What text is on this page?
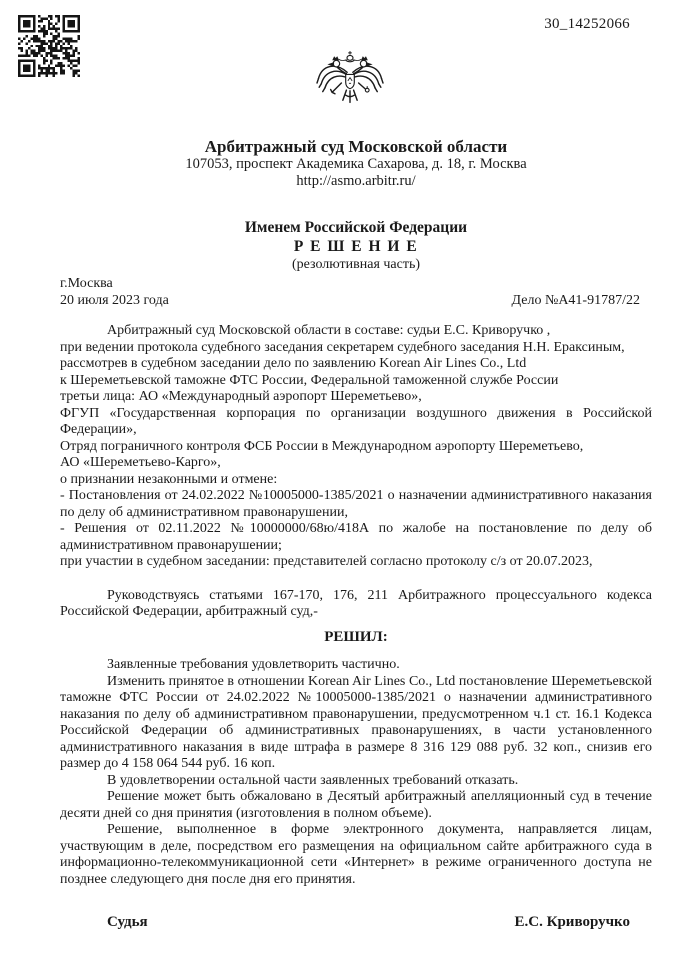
30_14252066
Арбитражный суд Московской области
107053, проспект Академика Сахарова, д. 18, г. Москва
http://asmo.arbitr.ru/
Именем Российской Федерации
Р Е Ш Е Н И Е
(резолютивная часть)
г.Москва
20 июля 2023 года	Дело №А41-91787/22

Арбитражный суд Московской области в составе: судьи Е.С. Криворучко ,

при ведении протокола судебного заседания секретарем судебного заседания Н.Н. Ераксиным,

рассмотрев в судебном заседании дело по заявлению Korean Air Lines Co., Ltd

к Шереметьевской таможне ФТС России, Федеральной таможенной службе России

третьи лица: АО «Международный аэропорт Шереметьево»,

ФГУП «Государственная корпорация по организации воздушного движения в Российской Федерации»,

Отряд пограничного контроля ФСБ России в Международном аэропорту Шереметьево,

АО «Шереметьево-Карго»,

о признании незаконными и отмене:

- Постановления от 24.02.2022 №10005000-1385/2021 о назначении административного наказания по делу об административном правонарушении,

- Решения от 02.11.2022 №10000000/68ю/418А по жалобе на постановление по делу об административном правонарушении;

при участии в судебном заседании: представителей согласно протоколу с/з от 20.07.2023,

Руководствуясь статьями 167-170, 176, 211 Арбитражного процессуального кодекса Российской Федерации, арбитражный суд,-

РЕШИЛ:

Заявленные требования удовлетворить частично.

Изменить принятое в отношении Korean Air Lines Co., Ltd постановление Шереметьевской таможне ФТС России от 24.02.2022 №10005000-1385/2021 о назначении административного наказания по делу об административном правонарушении, предусмотренном ч.1 ст. 16.1 Кодекса Российской Федерации об административных правонарушениях, в части установленного административного наказания в виде штрафа в размере 8 316 129 088 руб. 32 коп., снизив его размер до 4 158 064 544 руб. 16 коп.

В удовлетворении остальной части заявленных требований отказать.

Решение может быть обжаловано в Десятый арбитражный апелляционный суд в течение десяти дней со дня принятия (изготовления в полном объеме).

Решение, выполненное в форме электронного документа, направляется лицам, участвующим в деле, посредством его размещения на официальном сайте арбитражного суда в информационно-телекоммуникационной сети «Интернет» в режиме ограниченного доступа не позднее следующего дня после дня его принятия.

Судья	Е.С. Криворучко
